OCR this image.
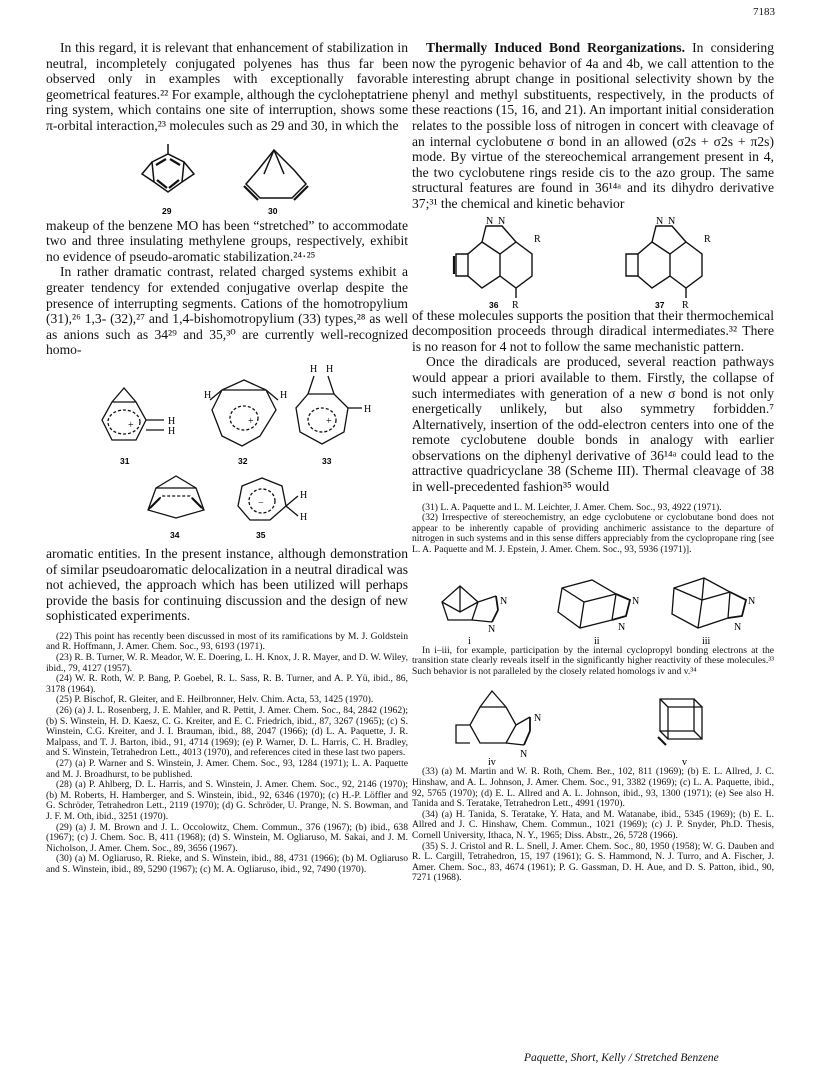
7183

In this regard, it is relevant that enhancement of stabilization in neutral, incompletely conjugated polyenes has thus far been observed only in examples with exceptionally favorable geometrical features.²² For example, although the cycloheptatriene ring system, which contains one site of interruption, shows some π-orbital interaction,²³ molecules such as 29 and 30, in which the

29	30

makeup of the benzene MO has been “stretched” to accommodate two and three insulating methylene groups, respectively, exhibit no evidence of pseudo-aromatic stabilization.²⁴·²⁵

In rather dramatic contrast, related charged systems exhibit a greater tendency for extended conjugative overlap despite the presence of interrupting segments. Cations of the homotropylium (31),²⁶ 1,3- (32),²⁷ and 1,4-bishomotropylium (33) types,²⁸ as well as anions such as 34²⁹ and 35,³⁰ are currently well-recognized homo-

+	H
H
H	H
+
H H
H
+
−
H
H
31	32	33
34	35

aromatic entities. In the present instance, although demonstration of similar pseudoaromatic delocalization in a neutral diradical was not achieved, the approach which has been utilized will perhaps provide the basis for continuing discussion and the design of new sophisticated experiments.

(22) This point has recently been discussed in most of its ramifications by M. J. Goldstein and R. Hoffmann, J. Amer. Chem. Soc., 93, 6193 (1971).

(23) R. B. Turner, W. R. Meador, W. E. Doering, L. H. Knox, J. R. Mayer, and D. W. Wiley, ibid., 79, 4127 (1957).

(24) W. R. Roth, W. P. Bang, P. Goebel, R. L. Sass, R. B. Turner, and A. P. Yü, ibid., 86, 3178 (1964).

(25) P. Bischof, R. Gleiter, and E. Heilbronner, Helv. Chim. Acta, 53, 1425 (1970).

(26) (a) J. L. Rosenberg, J. E. Mahler, and R. Pettit, J. Amer. Chem. Soc., 84, 2842 (1962); (b) S. Winstein, H. D. Kaesz, C. G. Kreiter, and E. C. Friedrich, ibid., 87, 3267 (1965); (c) S. Winstein, C.G. Kreiter, and J. I. Brauman, ibid., 88, 2047 (1966); (d) L. A. Paquette, J. R. Malpass, and T. J. Barton, ibid., 91, 4714 (1969); (e) P. Warner, D. L. Harris, C. H. Bradley, and S. Winstein, Tetrahedron Lett., 4013 (1970), and references cited in these last two papers.

(27) (a) P. Warner and S. Winstein, J. Amer. Chem. Soc., 93, 1284 (1971); L. A. Paquette and M. J. Broadhurst, to be published.

(28) (a) P. Ahlberg, D. L. Harris, and S. Winstein, J. Amer. Chem. Soc., 92, 2146 (1970); (b) M. Roberts, H. Hamberger, and S. Winstein, ibid., 92, 6346 (1970); (c) H.-P. Löffler and G. Schröder, Tetrahedron Lett., 2119 (1970); (d) G. Schröder, U. Prange, N. S. Bowman, and J. F. M. Oth, ibid., 3251 (1970).

(29) (a) J. M. Brown and J. L. Occolowitz, Chem. Commun., 376 (1967); (b) ibid., 638 (1967); (c) J. Chem. Soc. B, 411 (1968); (d) S. Winstein, M. Ogliaruso, M. Sakai, and J. M. Nicholson, J. Amer. Chem. Soc., 89, 3656 (1967).

(30) (a) M. Ogliaruso, R. Rieke, and S. Winstein, ibid., 88, 4731 (1966); (b) M. Ogliaruso and S. Winstein, ibid., 89, 5290 (1967); (c) M. A. Ogliaruso, ibid., 92, 7490 (1970).

Thermally Induced Bond Reorganizations. In considering now the pyrogenic behavior of 4a and 4b, we call attention to the interesting abrupt change in positional selectivity shown by the phenyl and methyl substituents, respectively, in the products of these reactions (15, 16, and 21). An important initial consideration relates to the possible loss of nitrogen in concert with cleavage of an internal cyclobutene σ bond in an allowed (σ2s + σ2s + π2s) mode. By virtue of the stereochemical arrangement present in 4, the two cyclobutene rings reside cis to the azo group. The same structural features are found in 36¹⁴ᵃ and its dihydro derivative 37;³¹ the chemical and kinetic behavior

N N
R
R
N N
R
R
36	37

of these molecules supports the position that their thermochemical decomposition proceeds through diradical intermediates.³² There is no reason for 4 not to follow the same mechanistic pattern.

Once the diradicals are produced, several reaction pathways would appear a priori available to them. Firstly, the collapse of such intermediates with generation of a new σ bond is not only energetically unlikely, but also symmetry forbidden.⁷ Alternatively, insertion of the odd-electron centers into one of the remote cyclobutene double bonds in analogy with earlier observations on the diphenyl derivative of 36¹⁴ᵃ could lead to the attractive quadricyclane 38 (Scheme III). Thermal cleavage of 38 in well-precedented fashion³⁵ would

(31) L. A. Paquette and L. M. Leichter, J. Amer. Chem. Soc., 93, 4922 (1971).

(32) Irrespective of stereochemistry, an edge cyclobutene or cyclobutane bond does not appear to be inherently capable of providing anchimeric assistance to the departure of nitrogen in such systems and in this sense differs appreciably from the cyclopropane ring [see L. A. Paquette and M. J. Epstein, J. Amer. Chem. Soc., 93, 5936 (1971)].

N
N
N
N
N
N
i	ii	iii

In i–iii, for example, participation by the internal cyclopropyl bonding electrons at the transition state clearly reveals itself in the significantly higher reactivity of these molecules.³³ Such behavior is not paralleled by the closely related homologs iv and v.³⁴

N
N
iv	v

(33) (a) M. Martin and W. R. Roth, Chem. Ber., 102, 811 (1969); (b) E. L. Allred, J. C. Hinshaw, and A. L. Johnson, J. Amer. Chem. Soc., 91, 3382 (1969); (c) L. A. Paquette, ibid., 92, 5765 (1970); (d) E. L. Allred and A. L. Johnson, ibid., 93, 1300 (1971); (e) See also H. Tanida and S. Teratake, Tetrahedron Lett., 4991 (1970).

(34) (a) H. Tanida, S. Teratake, Y. Hata, and M. Watanabe, ibid., 5345 (1969); (b) E. L. Allred and J. C. Hinshaw, Chem. Commun., 1021 (1969); (c) J. P. Snyder, Ph.D. Thesis, Cornell University, Ithaca, N. Y., 1965; Diss. Abstr., 26, 5728 (1966).

(35) S. J. Cristol and R. L. Snell, J. Amer. Chem. Soc., 80, 1950 (1958); W. G. Dauben and R. L. Cargill, Tetrahedron, 15, 197 (1961); G. S. Hammond, N. J. Turro, and A. Fischer, J. Amer. Chem. Soc., 83, 4674 (1961); P. G. Gassman, D. H. Aue, and D. S. Patton, ibid., 90, 7271 (1968).

Paquette, Short, Kelly / Stretched Benzene
